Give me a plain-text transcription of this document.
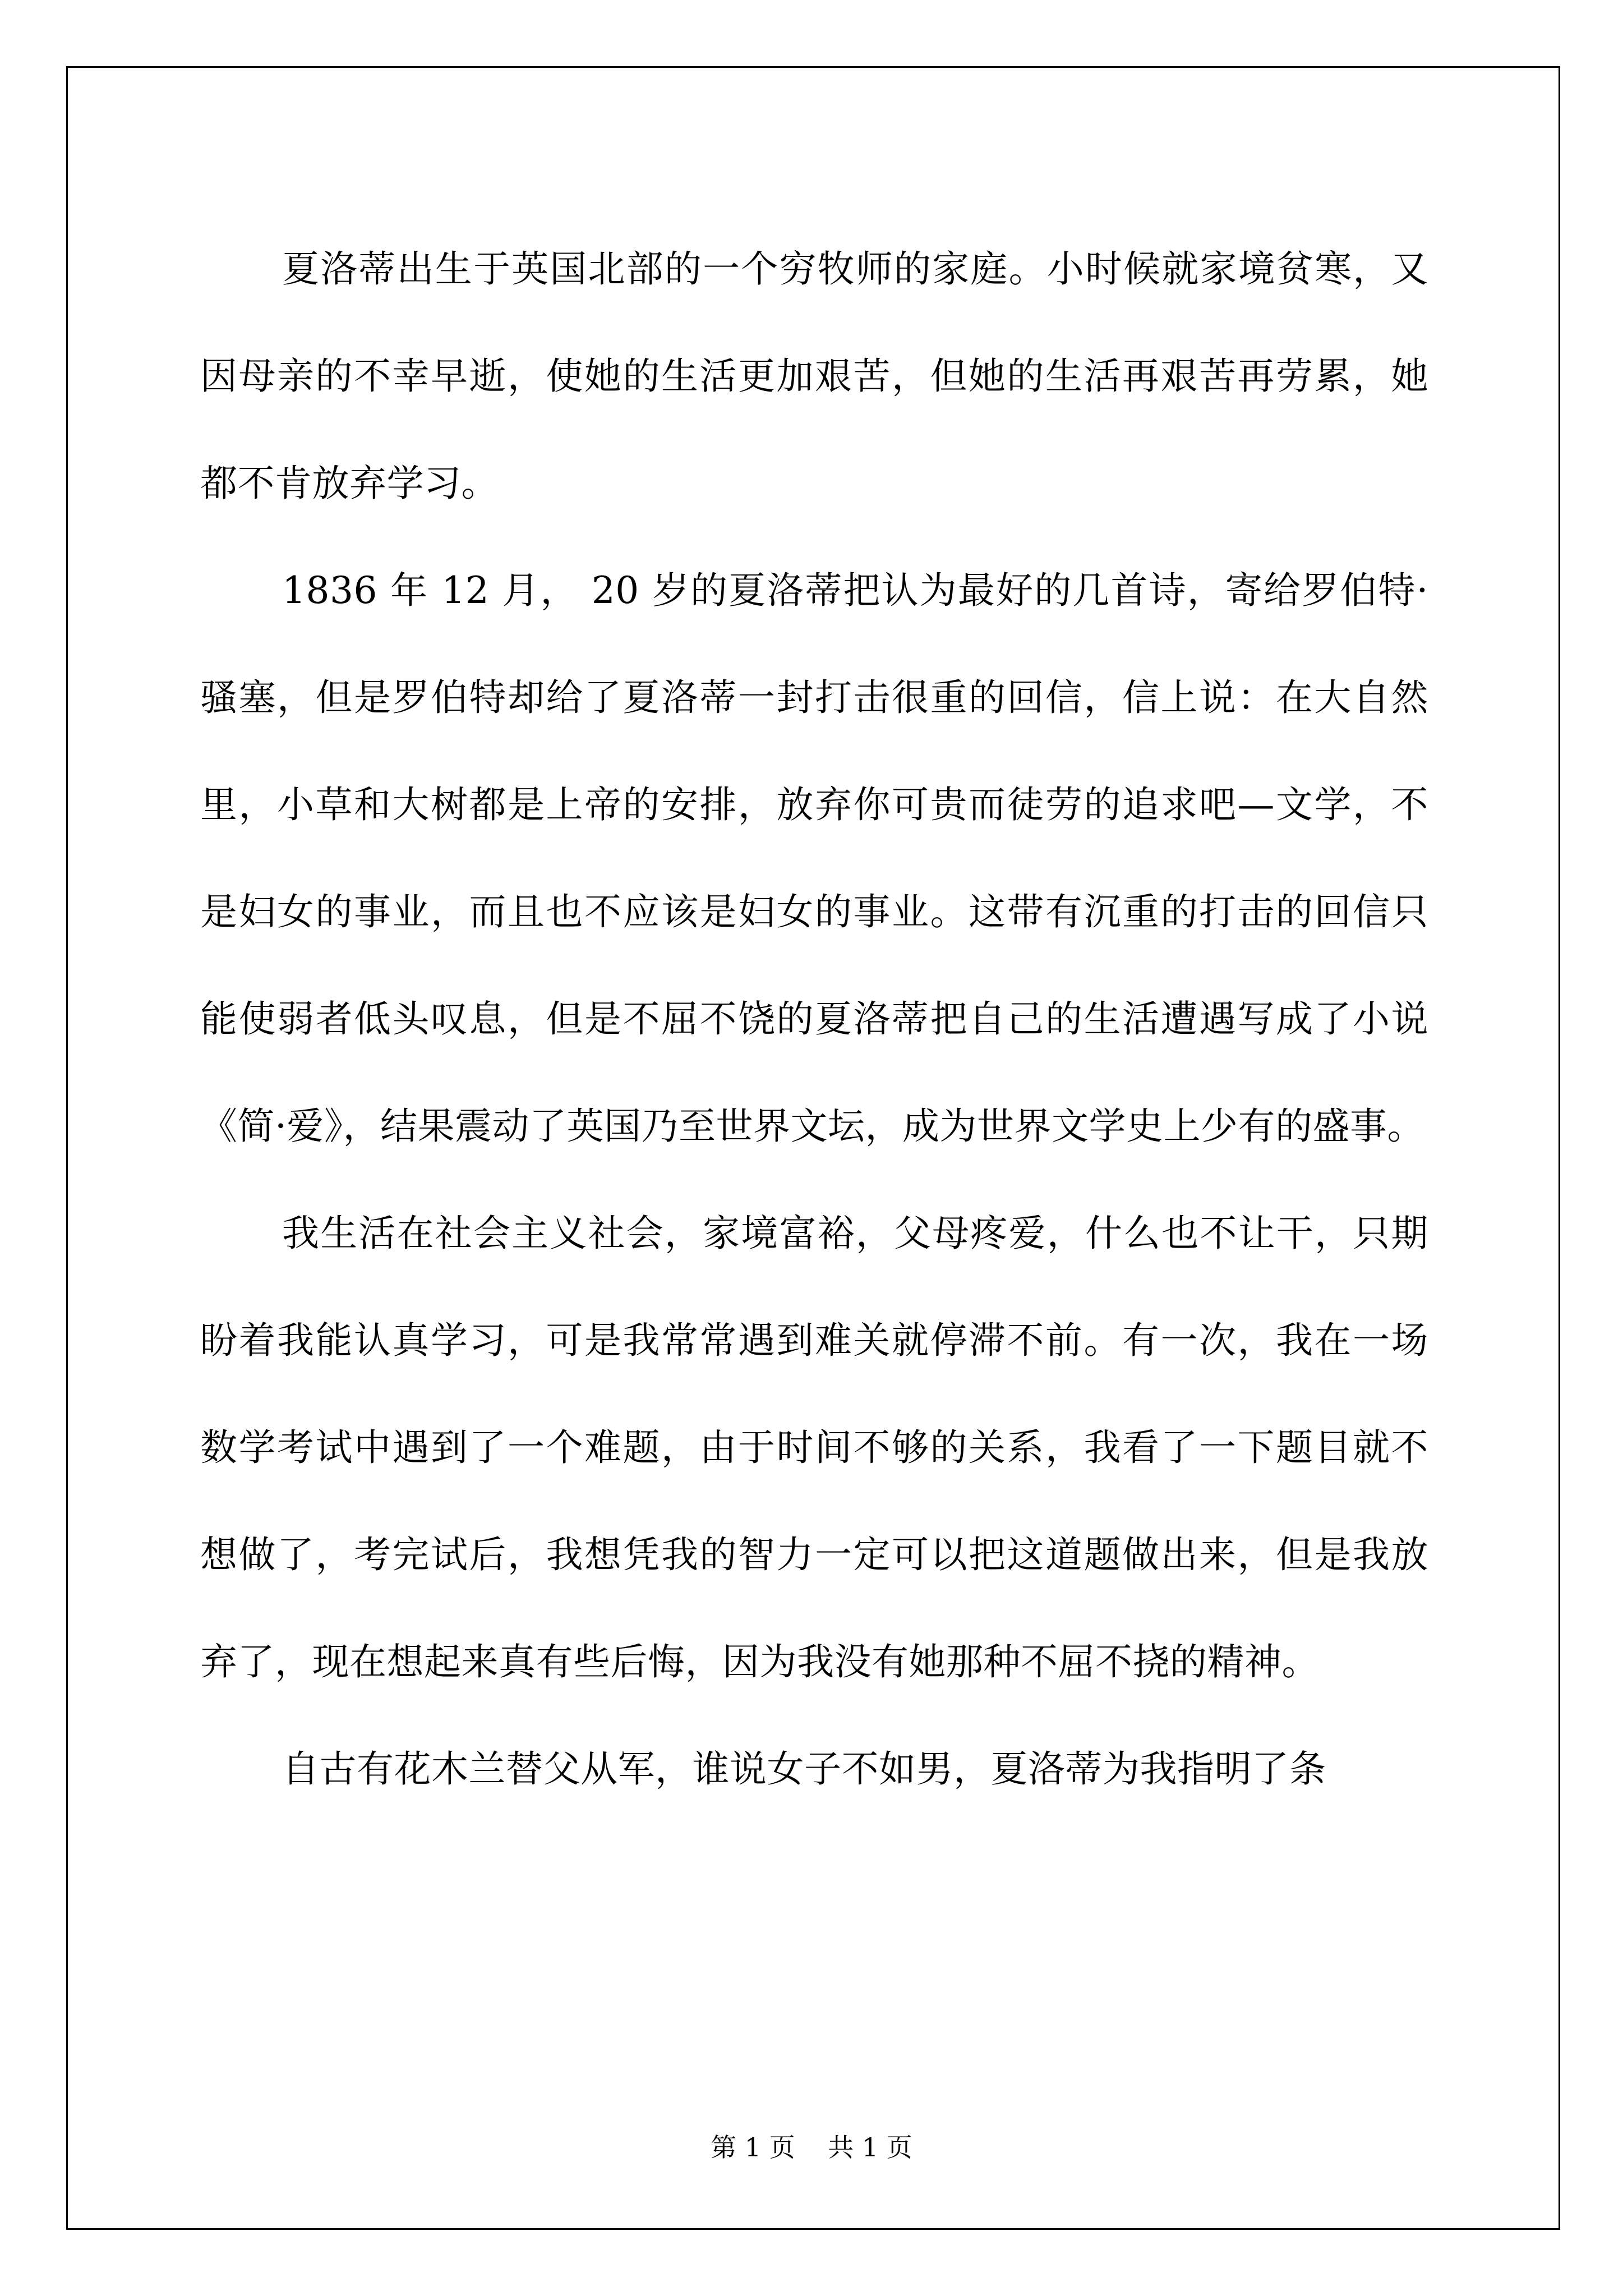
夏洛蒂出生于英国北部的一个穷牧师的家庭。小时候就家境贫寒，又因母亲的不幸早逝，使她的生活更加艰苦，但她的生活再艰苦再劳累，她都不肯放弃学习。

1836 年 12 月， 20 岁的夏洛蒂把认为最好的几首诗，寄给罗伯特·骚塞，但是罗伯特却给了夏洛蒂一封打击很重的回信，信上说：在大自然里，小草和大树都是上帝的安排，放弃你可贵而徒劳的追求吧—文学，不是妇女的事业，而且也不应该是妇女的事业。这带有沉重的打击的回信只能使弱者低头叹息，但是不屈不饶的夏洛蒂把自己的生活遭遇写成了小说《简·爱》，结果震动了英国乃至世界文坛，成为世界文学史上少有的盛事。

我生活在社会主义社会，家境富裕，父母疼爱，什么也不让干，只期盼着我能认真学习，可是我常常遇到难关就停滞不前。有一次，我在一场数学考试中遇到了一个难题，由于时间不够的关系，我看了一下题目就不想做了，考完试后，我想凭我的智力一定可以把这道题做出来，但是我放弃了，现在想起来真有些后悔，因为我没有她那种不屈不挠的精神。

自古有花木兰替父从军，谁说女子不如男，夏洛蒂为我指明了条

第 1 页    共 1 页
